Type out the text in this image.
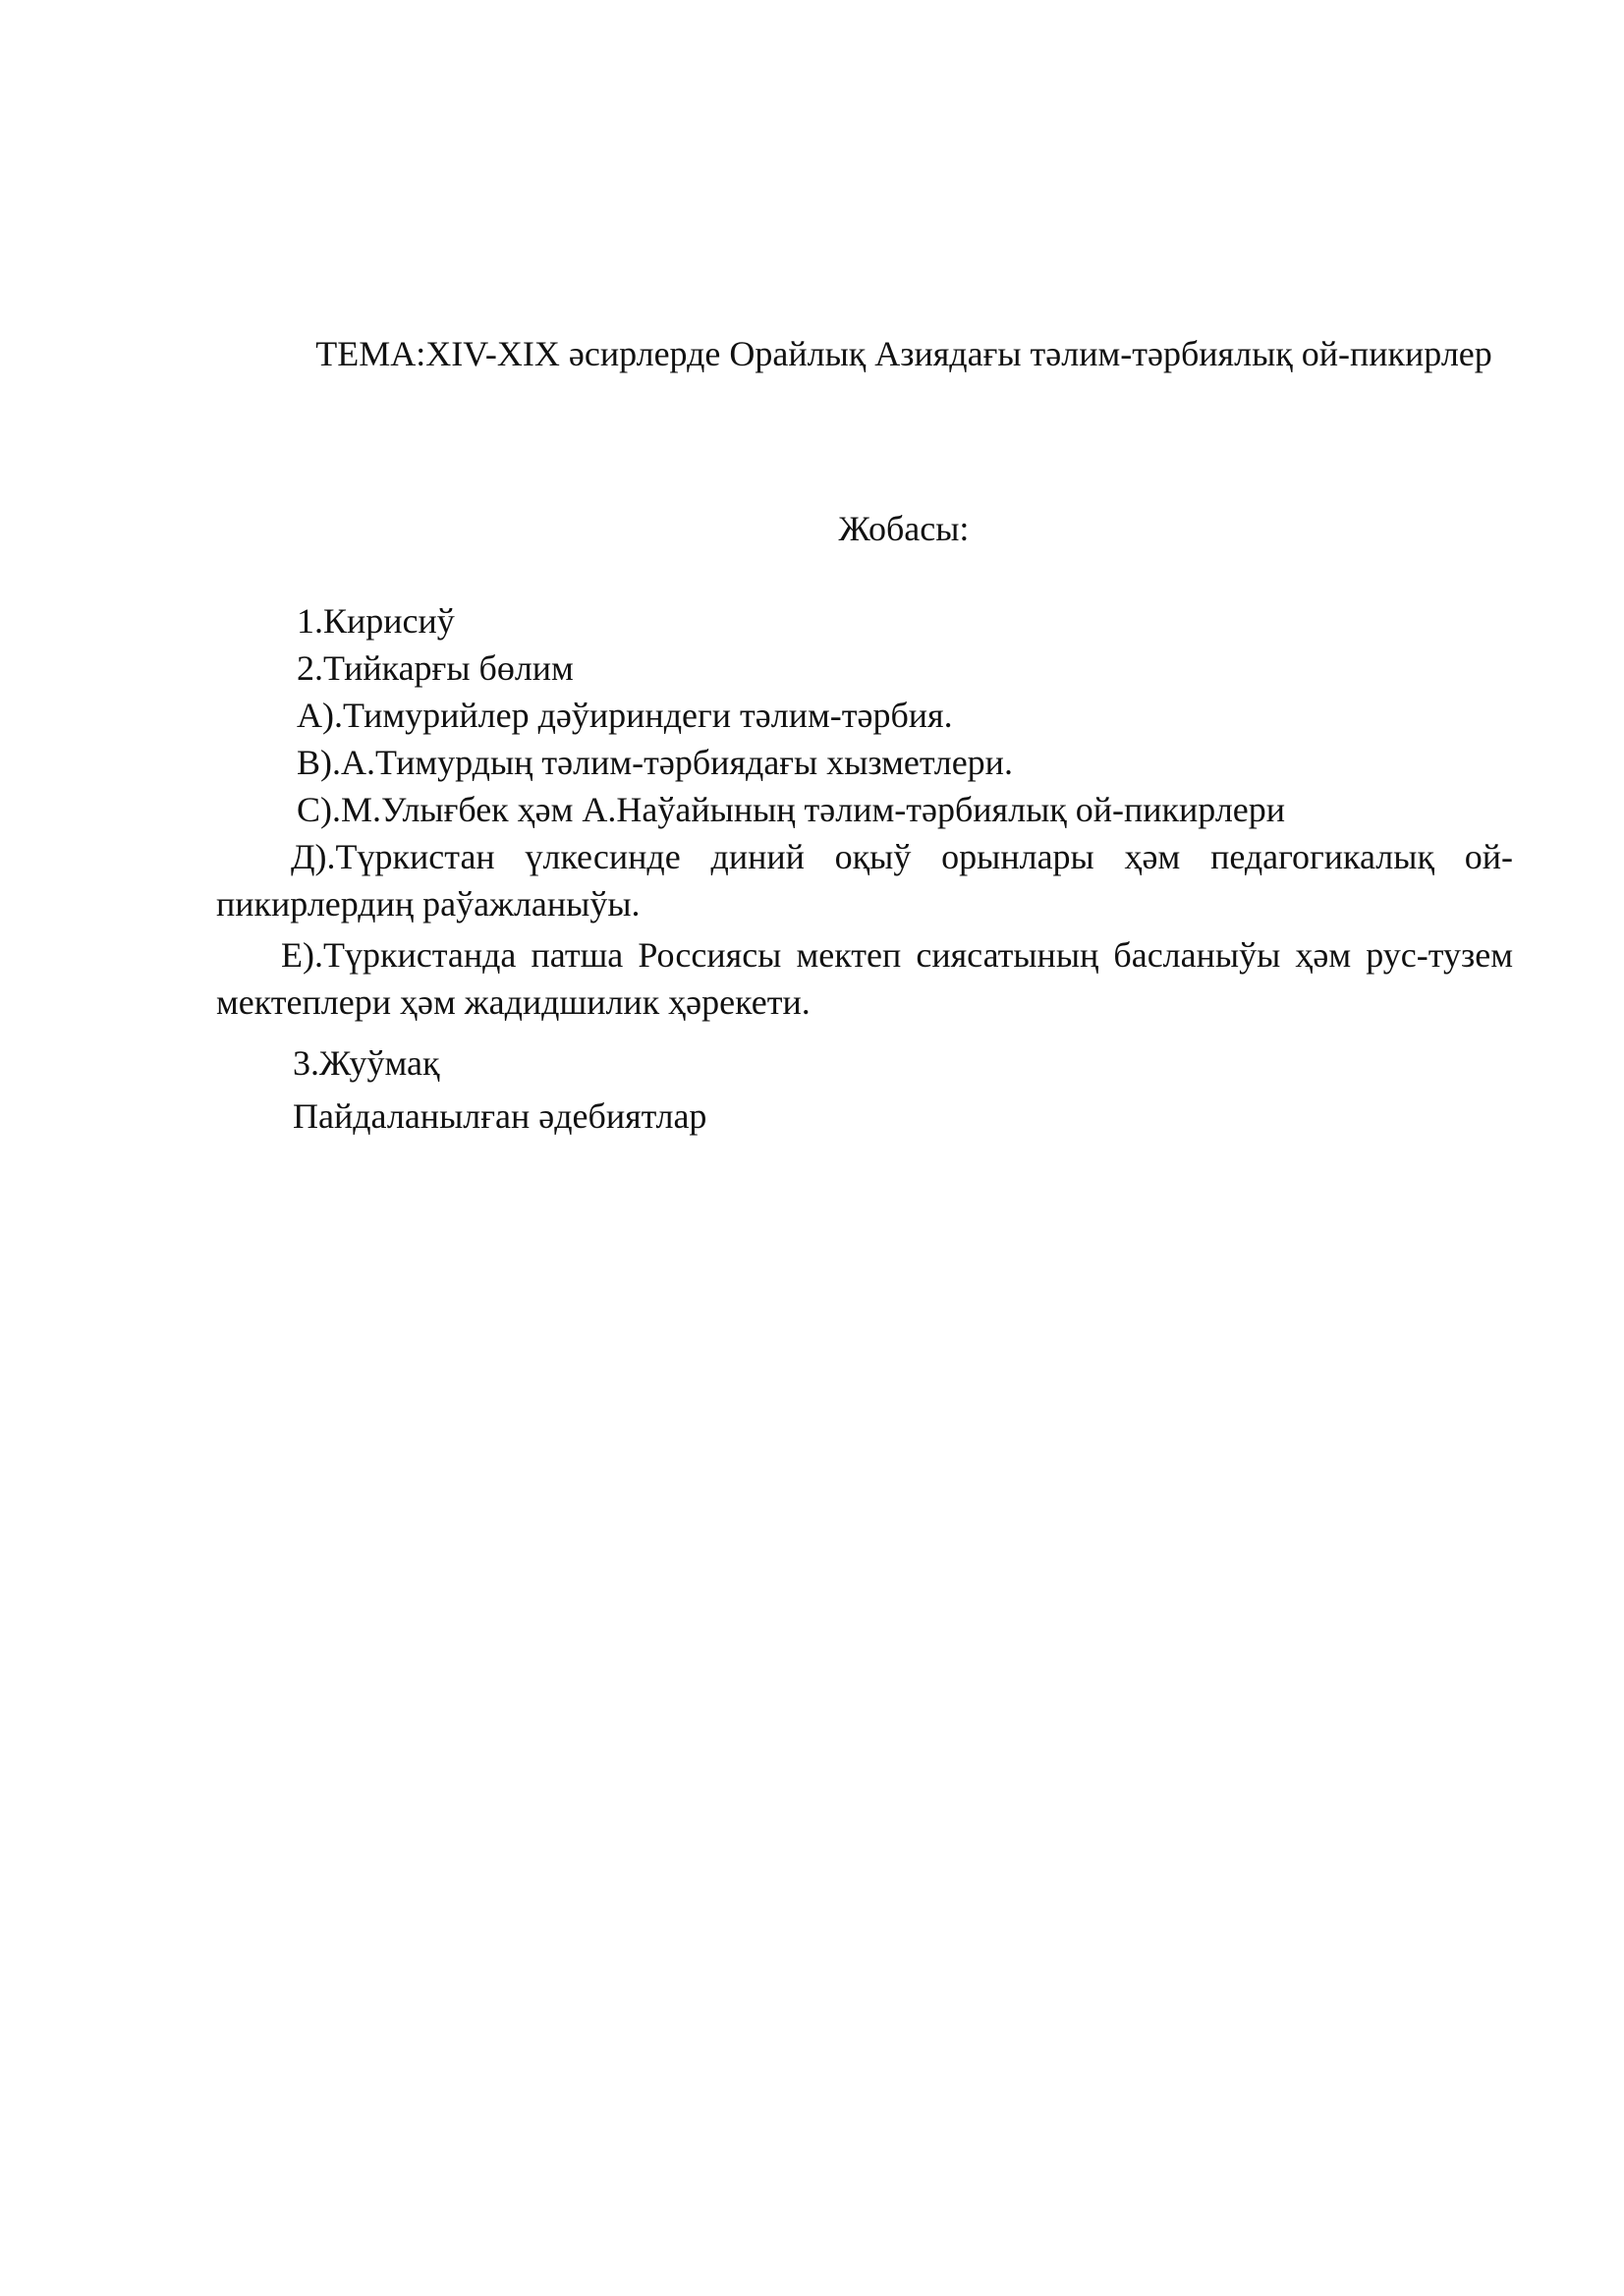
ТЕМА:XIV-XIX әсирлерде Орайлық Азиядағы тәлим-тәрбиялық ой-пикирлер
Жобасы:

1.Кирисиў

2.Тийкарғы бөлим

A).Тимурийлер дәўириндеги тәлим-тәрбия.

B).А.Тимурдың тәлим-тәрбиядағы хызметлери.

C).М.Улығбек ҳәм А.Наўайының тәлим-тәрбиялық ой-пикирлери

Д).Түркистан үлкесинде диний оқыў орынлары ҳәм педагогикалық ой-пикирлердиң раўажланыўы.

Е).Түркистанда патша Россиясы мектеп сиясатының басланыўы ҳәм рус-тузем мектеплери ҳәм жадидшилик ҳәрекети.

3.Жуўмақ

Пайдаланылған әдебиятлар
